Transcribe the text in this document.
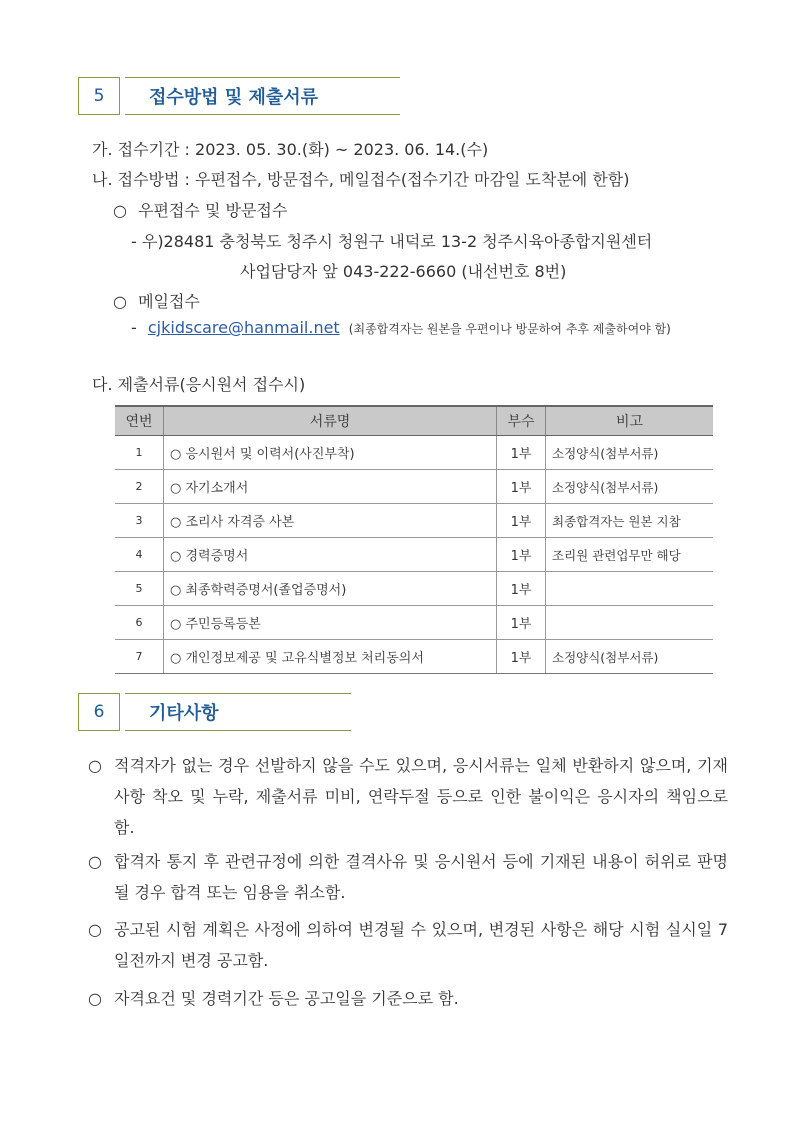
5	접수방법 및 제출서류
가. 접수기간 : 2023. 05. 30.(화) ~ 2023. 06. 14.(수)
나. 접수방법 : 우편접수, 방문접수, 메일접수(접수기간 마감일 도착분에 한함)
○ 우편접수 및 방문접수
- 우)28481 충청북도 청주시 청원구 내덕로 13-2 청주시육아종합지원센터
사업담당자 앞 043-222-6660 (내선번호 8번)
○ 메일접수
- cjkidscare@hanmail.net (최종합격자는 원본을 우편이나 방문하여 추후 제출하여야 함)
다. 제출서류(응시원서 접수시)
연번	서류명	부수	비고
1	○ 응시원서 및 이력서(사진부착)	1부	소정양식(첨부서류)
2	○ 자기소개서	1부	소정양식(첨부서류)
3	○ 조리사 자격증 사본	1부	최종합격자는 원본 지참
4	○ 경력증명서	1부	조리원 관련업무만 해당
5	○ 최종학력증명서(졸업증명서)	1부	
6	○ 주민등록등본	1부	
7	○ 개인정보제공 및 고유식별정보 처리동의서	1부	소정양식(첨부서류)
6	기타사항
○ 적격자가 없는 경우 선발하지 않을 수도 있으며, 응시서류는 일체 반환하지 않으며, 기재사항 착오 및 누락, 제출서류 미비, 연락두절 등으로 인한 불이익은 응시자의 책임으로 함.
○ 합격자 통지 후 관련규정에 의한 결격사유 및 응시원서 등에 기재된 내용이 허위로 판명될 경우 합격 또는 임용을 취소함.
○ 공고된 시험 계획은 사정에 의하여 변경될 수 있으며, 변경된 사항은 해당 시험 실시일 7일전까지 변경 공고함.
○ 자격요건 및 경력기간 등은 공고일을 기준으로 함.
